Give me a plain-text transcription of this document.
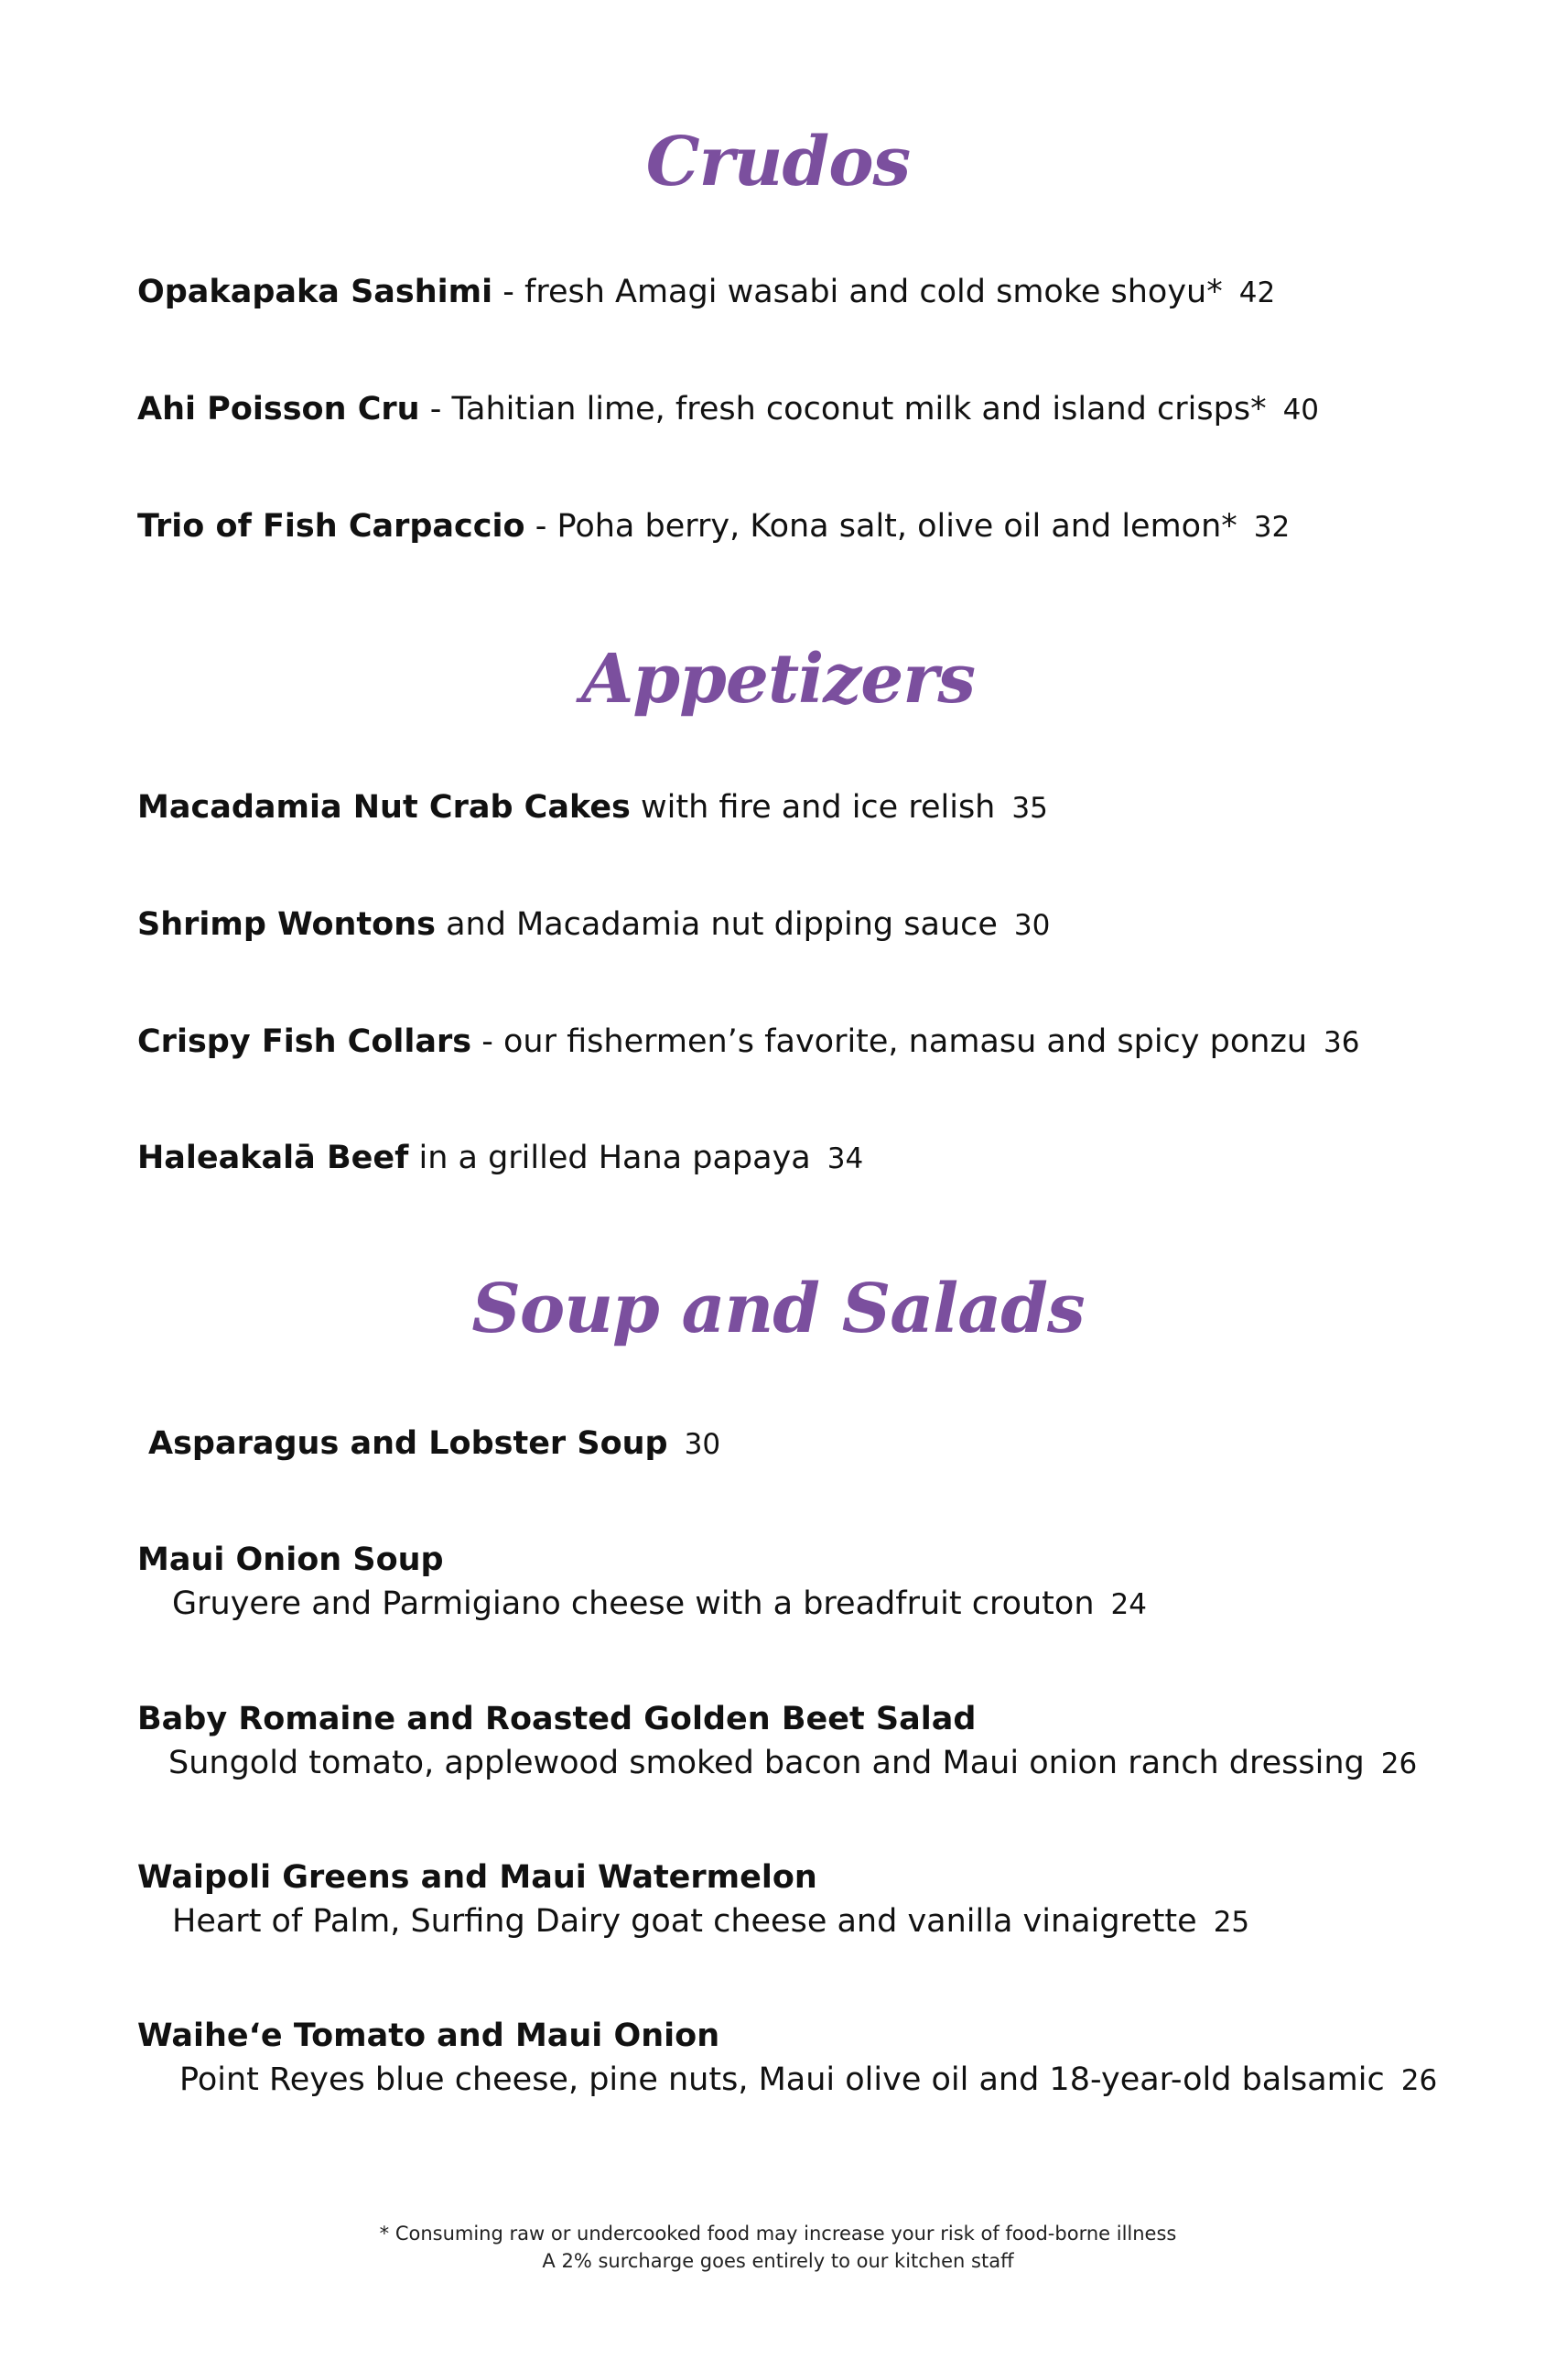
Crudos
Opakapaka Sashimi - fresh Amagi wasabi and cold smoke shoyu* 42
Ahi Poisson Cru - Tahitian lime, fresh coconut milk and island crisps* 40
Trio of Fish Carpaccio - Poha berry, Kona salt, olive oil and lemon* 32
Appetizers
Macadamia Nut Crab Cakes with fire and ice relish 35
Shrimp Wontons and Macadamia nut dipping sauce 30
Crispy Fish Collars - our fishermen’s favorite, namasu and spicy ponzu 36
Haleakalā Beef in a grilled Hana papaya 34
Soup and Salads
Asparagus and Lobster Soup 30
Maui Onion Soup
Gruyere and Parmigiano cheese with a breadfruit crouton 24
Baby Romaine and Roasted Golden Beet Salad
Sungold tomato, applewood smoked bacon and Maui onion ranch dressing 26
Waipoli Greens and Maui Watermelon
Heart of Palm, Surfing Dairy goat cheese and vanilla vinaigrette 25
Waihe‘e Tomato and Maui Onion
Point Reyes blue cheese, pine nuts, Maui olive oil and 18-year-old balsamic 26
* Consuming raw or undercooked food may increase your risk of food-borne illness
A 2% surcharge goes entirely to our kitchen staff
